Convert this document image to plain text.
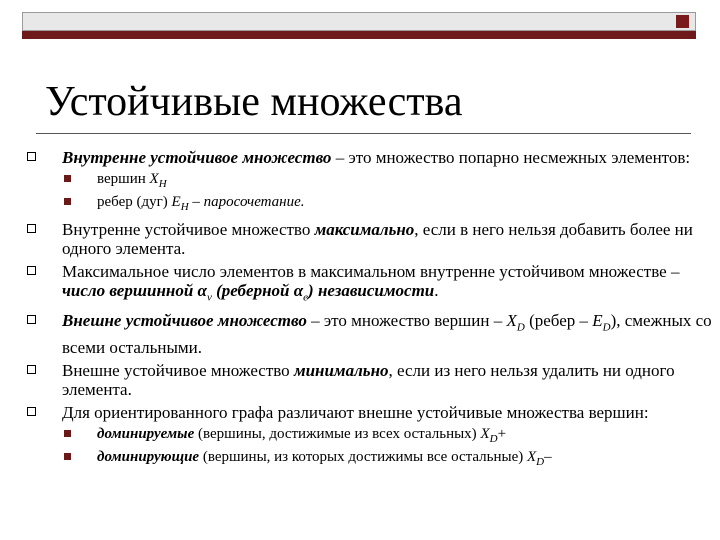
Устойчивые множества
Внутренне устойчивое множество – это множество попарно несмежных элементов:
вершин $X_H$
ребер (дуг) $E_H$ – паросочетание.
Внутренне устойчивое множество максимально, если в него нельзя добавить более ни одного элемента.
Максимальное число элементов в максимальном внутренне устойчивом множестве – число вершинной $\alpha_v$ (реберной $\alpha_e$) независимости.
Внешне устойчивое множество – это множество вершин – $X_D$ (ребер – $E_D$), смежных со всеми остальными.
Внешне устойчивое множество минимально, если из него нельзя удалить ни одного элемента.
Для ориентированного графа различают внешне устойчивые множества вершин:
доминируемые (вершины, достижимые из всех остальных) $X_D+$
доминирующие (вершины, из которых достижимы все остальные) $X_D-$
